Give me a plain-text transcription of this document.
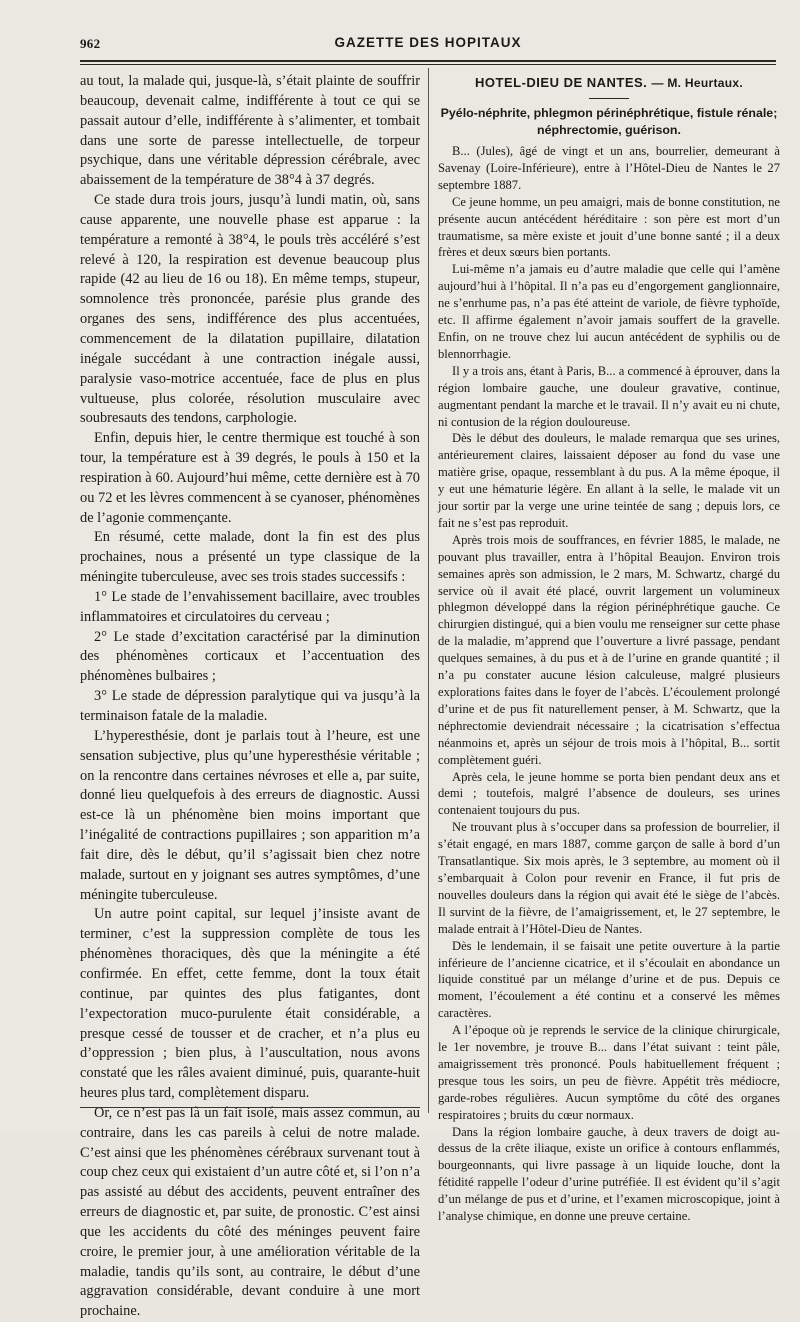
962	GAZETTE DES HOPITAUX

au tout, la malade qui, jusque-là, s’était plainte de souffrir beaucoup, devenait calme, indifférente à tout ce qui se passait autour d’elle, indifférente à s’alimenter, et tombait dans une sorte de paresse intellectuelle, de torpeur psychique, dans une véritable dépression cérébrale, avec abaissement de la température de 38°4 à 37 degrés.

Ce stade dura trois jours, jusqu’à lundi matin, où, sans cause apparente, une nouvelle phase est apparue : la température a remonté à 38°4, le pouls très accéléré s’est relevé à 120, la respiration est devenue beaucoup plus rapide (42 au lieu de 16 ou 18). En même temps, stupeur, somnolence très prononcée, parésie plus grande des organes des sens, indifférence des plus accentuées, commencement de la dilatation pupillaire, dilatation inégale succédant à une contraction inégale aussi, paralysie vaso-motrice accentuée, face de plus en plus vultueuse, plus colorée, résolution musculaire avec soubresauts des tendons, carphologie.

Enfin, depuis hier, le centre thermique est touché à son tour, la température est à 39 degrés, le pouls à 150 et la respiration à 60. Aujourd’hui même, cette dernière est à 70 ou 72 et les lèvres commencent à se cyanoser, phénomènes de l’agonie commençante.

En résumé, cette malade, dont la fin est des plus prochaines, nous a présenté un type classique de la méningite tuberculeuse, avec ses trois stades successifs :

1° Le stade de l’envahissement bacillaire, avec troubles inflammatoires et circulatoires du cerveau ;

2° Le stade d’excitation caractérisé par la diminution des phénomènes corticaux et l’accentuation des phénomènes bulbaires ;

3° Le stade de dépression paralytique qui va jusqu’à la terminaison fatale de la maladie.

L’hyperesthésie, dont je parlais tout à l’heure, est une sensation subjective, plus qu’une hyperesthésie véritable ; on la rencontre dans certaines névroses et elle a, par suite, donné lieu quelquefois à des erreurs de diagnostic. Aussi est-ce là un phénomène bien moins important que l’inégalité de contractions pupillaires ; son apparition m’a fait dire, dès le début, qu’il s’agissait bien chez notre malade, surtout en y joignant ses autres symptômes, d’une méningite tuberculeuse.

Un autre point capital, sur lequel j’insiste avant de terminer, c’est la suppression complète de tous les phénomènes thoraciques, dès que la méningite a été confirmée. En effet, cette femme, dont la toux était continue, par quintes des plus fatigantes, dont l’expectoration muco-purulente était considérable, a presque cessé de tousser et de cracher, et n’a plus eu d’oppression ; bien plus, à l’auscultation, nous avons constaté que les râles avaient diminué, puis, quarante-huit heures plus tard, complètement disparu.

Or, ce n’est pas là un fait isolé, mais assez commun, au contraire, dans les cas pareils à celui de notre malade. C’est ainsi que les phénomènes cérébraux survenant tout à coup chez ceux qui existaient d’un autre côté et, si l’on n’a pas assisté au début des accidents, peuvent entraîner des erreurs de diagnostic et, par suite, de pronostic. C’est ainsi que les accidents du côté des méninges peuvent faire croire, le premier jour, à une amélioration véritable de la maladie, tandis qu’ils sont, au contraire, le début d’une aggravation considérable, devant conduire à une mort prochaine.

HOTEL-DIEU DE NANTES. — M. Heurtaux.
Pyélo-néphrite, phlegmon périnéphrétique, fistule rénale; néphrectomie, guérison.

B... (Jules), âgé de vingt et un ans, bourrelier, demeurant à Savenay (Loire-Inférieure), entre à l’Hôtel-Dieu de Nantes le 27 septembre 1887.

Ce jeune homme, un peu amaigri, mais de bonne constitution, ne présente aucun antécédent héréditaire : son père est mort d’un traumatisme, sa mère existe et jouit d’une bonne santé ; il a deux frères et deux sœurs bien portants.

Lui-même n’a jamais eu d’autre maladie que celle qui l’amène aujourd’hui à l’hôpital. Il n’a pas eu d’engorgement ganglionnaire, ne s’enrhume pas, n’a pas été atteint de variole, de fièvre typhoïde, etc. Il affirme également n’avoir jamais souffert de la gravelle. Enfin, on ne trouve chez lui aucun antécédent de syphilis ou de blennorrhagie.

Il y a trois ans, étant à Paris, B... a commencé à éprouver, dans la région lombaire gauche, une douleur gravative, continue, augmentant pendant la marche et le travail. Il n’y avait eu ni chute, ni contusion de la région douloureuse.

Dès le début des douleurs, le malade remarqua que ses urines, antérieurement claires, laissaient déposer au fond du vase une matière grise, opaque, ressemblant à du pus. A la même époque, il y eut une hématurie légère. En allant à la selle, le malade vit un jour sortir par la verge une urine teintée de sang ; depuis lors, ce fait ne s’est pas reproduit.

Après trois mois de souffrances, en février 1885, le malade, ne pouvant plus travailler, entra à l’hôpital Beaujon. Environ trois semaines après son admission, le 2 mars, M. Schwartz, chargé du service où il avait été placé, ouvrit largement un volumineux phlegmon développé dans la région périnéphrétique gauche. Ce chirurgien distingué, qui a bien voulu me renseigner sur cette phase de la maladie, m’apprend que l’ouverture a livré passage, pendant quelques semaines, à du pus et à de l’urine en grande quantité ; il n’a pu constater aucune lésion calculeuse, malgré plusieurs explorations faites dans le foyer de l’abcès. L’écoulement prolongé d’urine et de pus fit naturellement penser, à M. Schwartz, que la néphrectomie deviendrait nécessaire ; la cicatrisation s’effectua néanmoins et, après un séjour de trois mois à l’hôpital, B... sortit complètement guéri.

Après cela, le jeune homme se porta bien pendant deux ans et demi ; toutefois, malgré l’absence de douleurs, ses urines contenaient toujours du pus.

Ne trouvant plus à s’occuper dans sa profession de bourrelier, il s’était engagé, en mars 1887, comme garçon de salle à bord d’un Transatlantique. Six mois après, le 3 septembre, au moment où il s’embarquait à Colon pour revenir en France, il fut pris de nouvelles douleurs dans la région qui avait été le siège de l’abcès. Il survint de la fièvre, de l’amaigrissement, et, le 27 septembre, le malade entrait à l’Hôtel-Dieu de Nantes.

Dès le lendemain, il se faisait une petite ouverture à la partie inférieure de l’ancienne cicatrice, et il s’écoulait en abondance un liquide constitué par un mélange d’urine et de pus. Depuis ce moment, l’écoulement a été continu et a conservé les mêmes caractères.

A l’époque où je reprends le service de la clinique chirurgicale, le 1er novembre, je trouve B... dans l’état suivant : teint pâle, amaigrissement très prononcé. Pouls habituellement fréquent ; presque tous les soirs, un peu de fièvre. Appétit très médiocre, garde-robes régulières. Aucun symptôme du côté des organes respiratoires ; bruits du cœur normaux.

Dans la région lombaire gauche, à deux travers de doigt au-dessus de la crête iliaque, existe un orifice à contours enflammés, bourgeonnants, qui livre passage à un liquide louche, dont la fétidité rappelle l’odeur d’urine putréfiée. Il est évident qu’il s’agit d’un mélange de pus et d’urine, et l’examen microscopique, joint à l’analyse chimique, en donne une preuve certaine.
